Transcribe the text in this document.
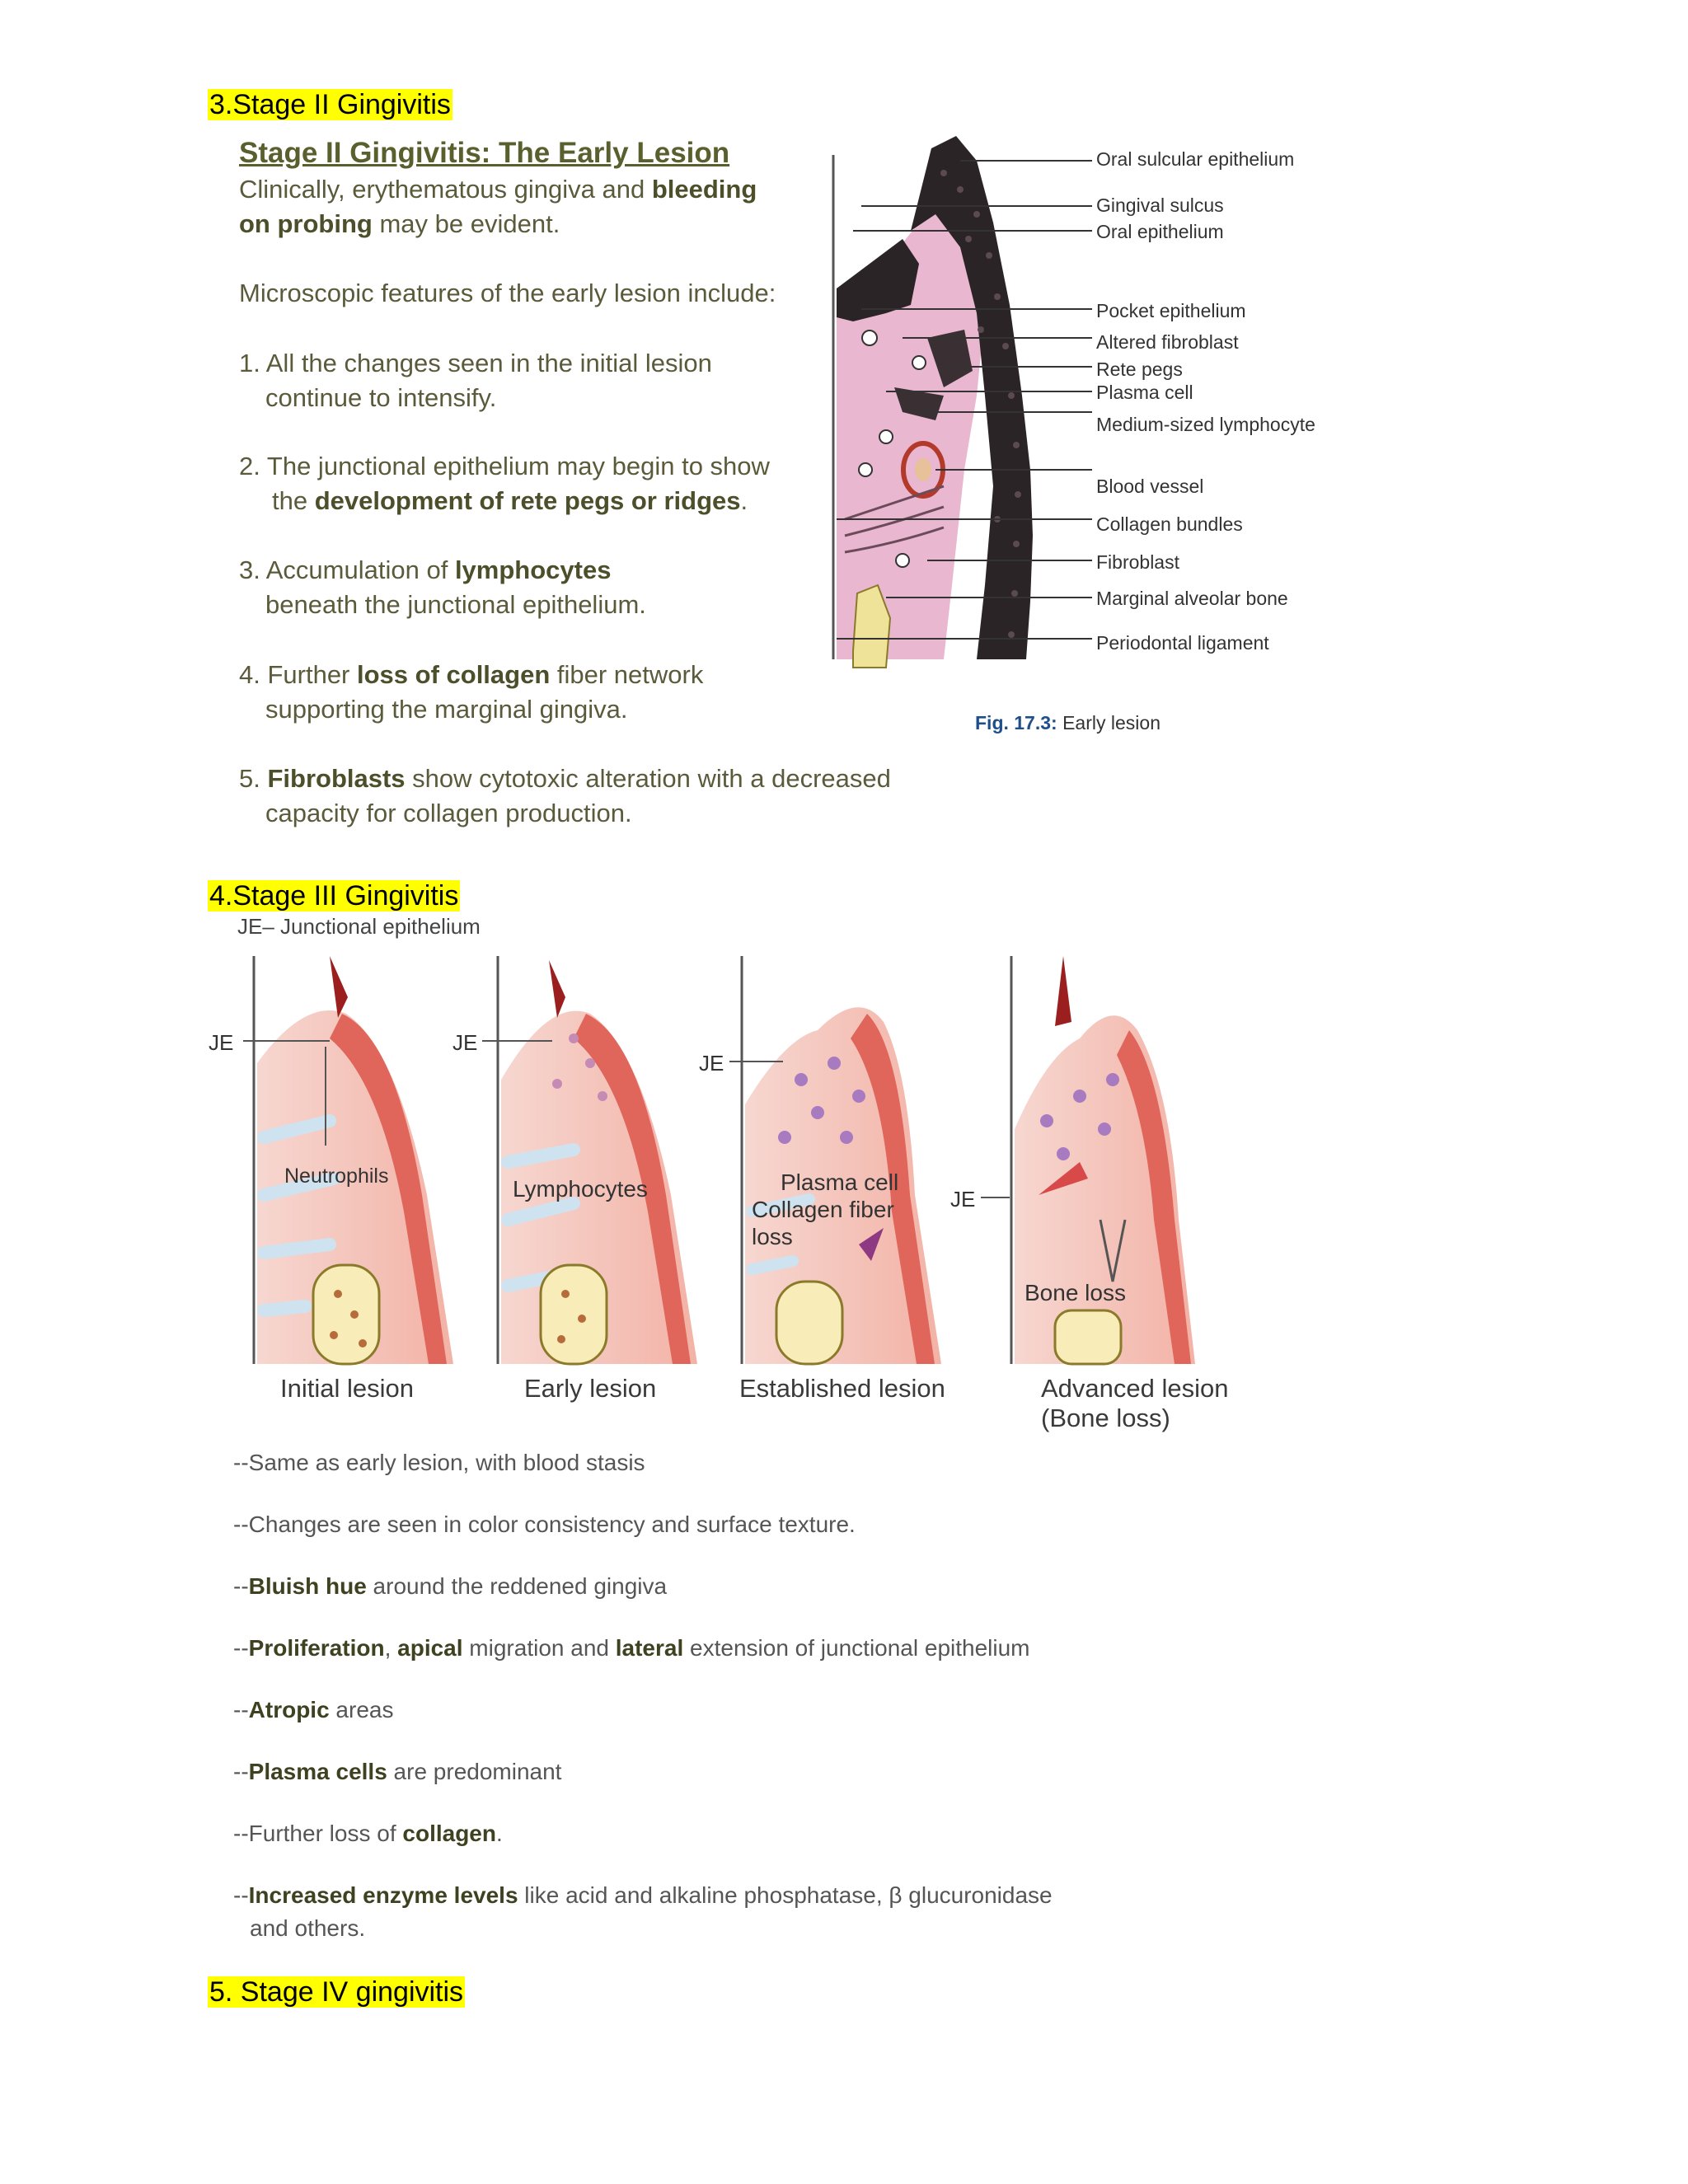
3.Stage II Gingivitis
Stage II Gingivitis: The Early Lesion
Clinically, erythematous gingiva and bleeding
on probing may be evident.
Microscopic features of the early lesion include:
1. All the changes seen in the initial lesion
continue to intensify.
2. The junctional epithelium may begin to show
the development of rete pegs or ridges.
3. Accumulation of lymphocytes
beneath the junctional epithelium.
4. Further loss of collagen fiber network
supporting the marginal gingiva.
5. Fibroblasts show cytotoxic alteration with a decreased
capacity for collagen production.
Oral sulcular epithelium
Gingival sulcus
Oral epithelium
Pocket epithelium
Altered fibroblast
Rete pegs
Plasma cell
Medium-sized lymphocyte
Blood vessel
Collagen bundles
Fibroblast
Marginal alveolar bone
Periodontal ligament
Fig. 17.3: Early lesion
4.Stage III Gingivitis
JE– Junctional epithelium
JE	JE
JE
JE
Neutrophils	Lymphocytes	Plasma cell
Collagen fiber
loss
Bone loss
Initial lesion	Early lesion	Established lesion	Advanced lesion
(Bone loss)
--Same as early lesion, with blood stasis
--Changes are seen in color consistency and surface texture.
--Bluish hue around the reddened gingiva
--Proliferation, apical migration and lateral extension of junctional epithelium
--Atropic areas
--Plasma cells are predominant
--Further loss of collagen.
--Increased enzyme levels like acid and alkaline phosphatase, β glucuronidase
and others.
5. Stage IV gingivitis
